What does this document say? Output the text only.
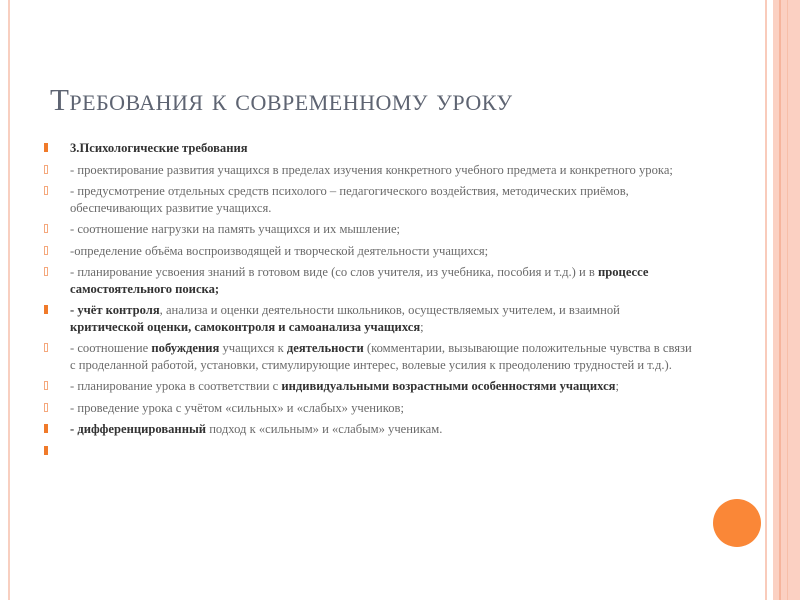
Требования к современному уроку
3.Психологические требования
- проектирование развития учащихся в пределах изучения конкретного учебного предмета и конкретного урока;
- предусмотрение отдельных средств психолого – педагогического воздействия, методических приёмов, обеспечивающих развитие учащихся.
- соотношение нагрузки на память учащихся и их мышление;
-определение объёма воспроизводящей и творческой деятельности учащихся;
- планирование усвоения знаний в готовом виде (со слов учителя, из учебника, пособия и т.д.) и в процессе самостоятельного поиска;
- учёт контроля, анализа и оценки деятельности школьников, осуществляемых учителем, и взаимной критической оценки, самоконтроля и самоанализа учащихся;
- соотношение побуждения учащихся к деятельности (комментарии, вызывающие положительные чувства в связи с проделанной работой, установки, стимулирующие интерес, волевые усилия к преодолению трудностей и т.д.).
- планирование урока в соответствии с индивидуальными возрастными особенностями учащихся;
- проведение урока с учётом «сильных» и «слабых» учеников;
- дифференцированный подход к «сильным» и «слабым» ученикам.
